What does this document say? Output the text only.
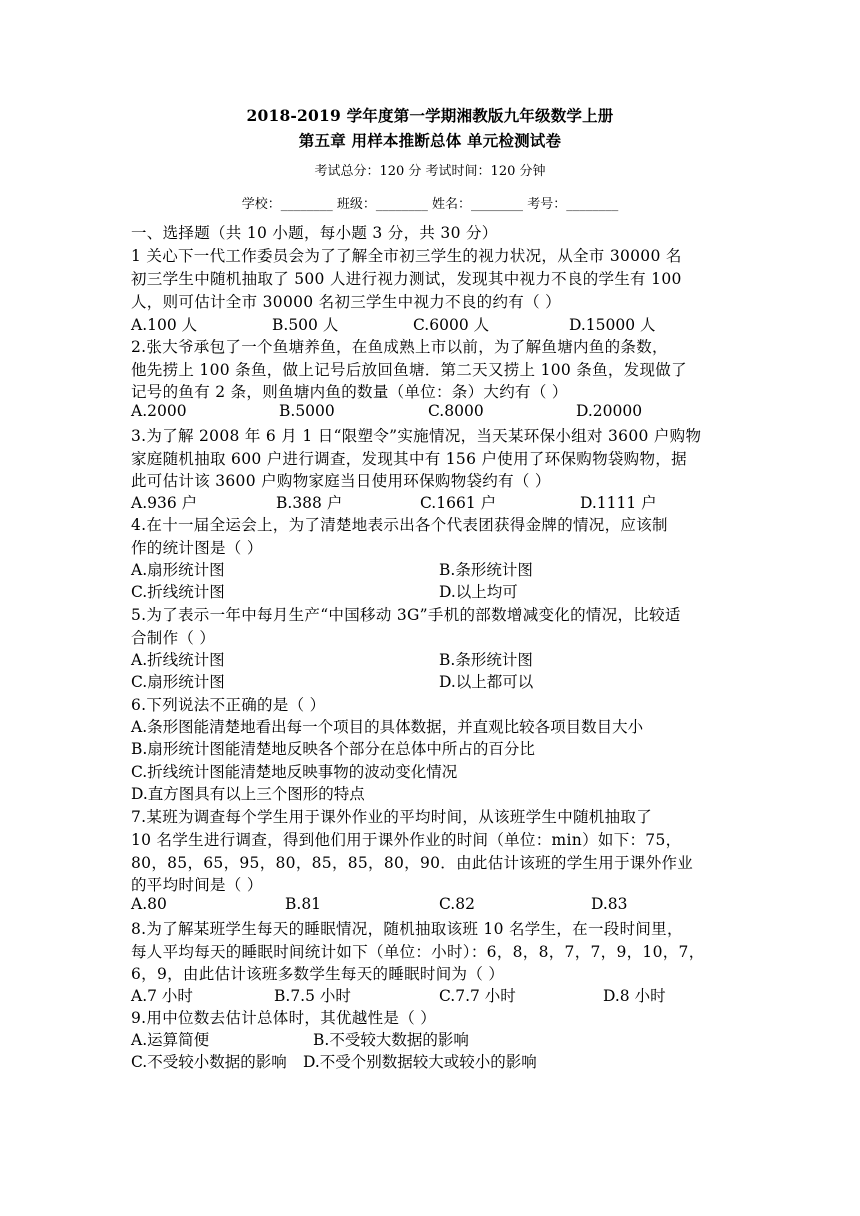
2018-2019 学年度第一学期湘教版九年级数学上册
第五章 用样本推断总体 单元检测试卷
考试总分：120 分 考试时间：120 分钟
学校：________ 班级：________ 姓名：________ 考号：________
一、选择题（共 10 小题，每小题 3 分，共 30 分）
1 关心下一代工作委员会为了了解全市初三学生的视力状况，从全市 30000 名
初三学生中随机抽取了 500 人进行视力测试，发现其中视力不良的学生有 100
人，则可估计全市 30000 名初三学生中视力不良的约有（ ）
A.100 人	B.500 人	C.6000 人	D.15000 人
2.张大爷承包了一个鱼塘养鱼，在鱼成熟上市以前，为了解鱼塘内鱼的条数，
他先捞上 100 条鱼，做上记号后放回鱼塘．第二天又捞上 100 条鱼，发现做了
记号的鱼有 2 条，则鱼塘内鱼的数量（单位：条）大约有（ ）
A.2000	B.5000	C.8000	D.20000
3.为了解 2008 年 6 月 1 日“限塑令”实施情况，当天某环保小组对 3600 户购物
家庭随机抽取 600 户进行调查，发现其中有 156 户使用了环保购物袋购物，据
此可估计该 3600 户购物家庭当日使用环保购物袋约有（ ）
A.936 户	B.388 户	C.1661 户	D.1111 户
4.在十一届全运会上，为了清楚地表示出各个代表团获得金牌的情况，应该制
作的统计图是（ ）
A.扇形统计图	B.条形统计图
C.折线统计图	D.以上均可
5.为了表示一年中每月生产“中国移动 3G”手机的部数增减变化的情况，比较适
合制作（ ）
A.折线统计图	B.条形统计图
C.扇形统计图	D.以上都可以
6.下列说法不正确的是（ ）
A.条形图能清楚地看出每一个项目的具体数据，并直观比较各项目数目大小
B.扇形统计图能清楚地反映各个部分在总体中所占的百分比
C.折线统计图能清楚地反映事物的波动变化情况
D.直方图具有以上三个图形的特点
7.某班为调查每个学生用于课外作业的平均时间，从该班学生中随机抽取了
10 名学生进行调查，得到他们用于课外作业的时间（单位：min）如下：75，
80，85，65，95，80，85，85，80，90．由此估计该班的学生用于课外作业
的平均时间是（ ）
A.80	B.81	C.82	D.83
8.为了解某班学生每天的睡眠情况，随机抽取该班 10 名学生，在一段时间里，
每人平均每天的睡眠时间统计如下（单位：小时）：6，8，8，7，7，9，10，7，
6，9，由此估计该班多数学生每天的睡眠时间为（ ）
A.7 小时	B.7.5 小时	C.7.7 小时	D.8 小时
9.用中位数去估计总体时，其优越性是（ ）
A.运算简便	B.不受较大数据的影响
C.不受较小数据的影响 D.不受个别数据较大或较小的影响
